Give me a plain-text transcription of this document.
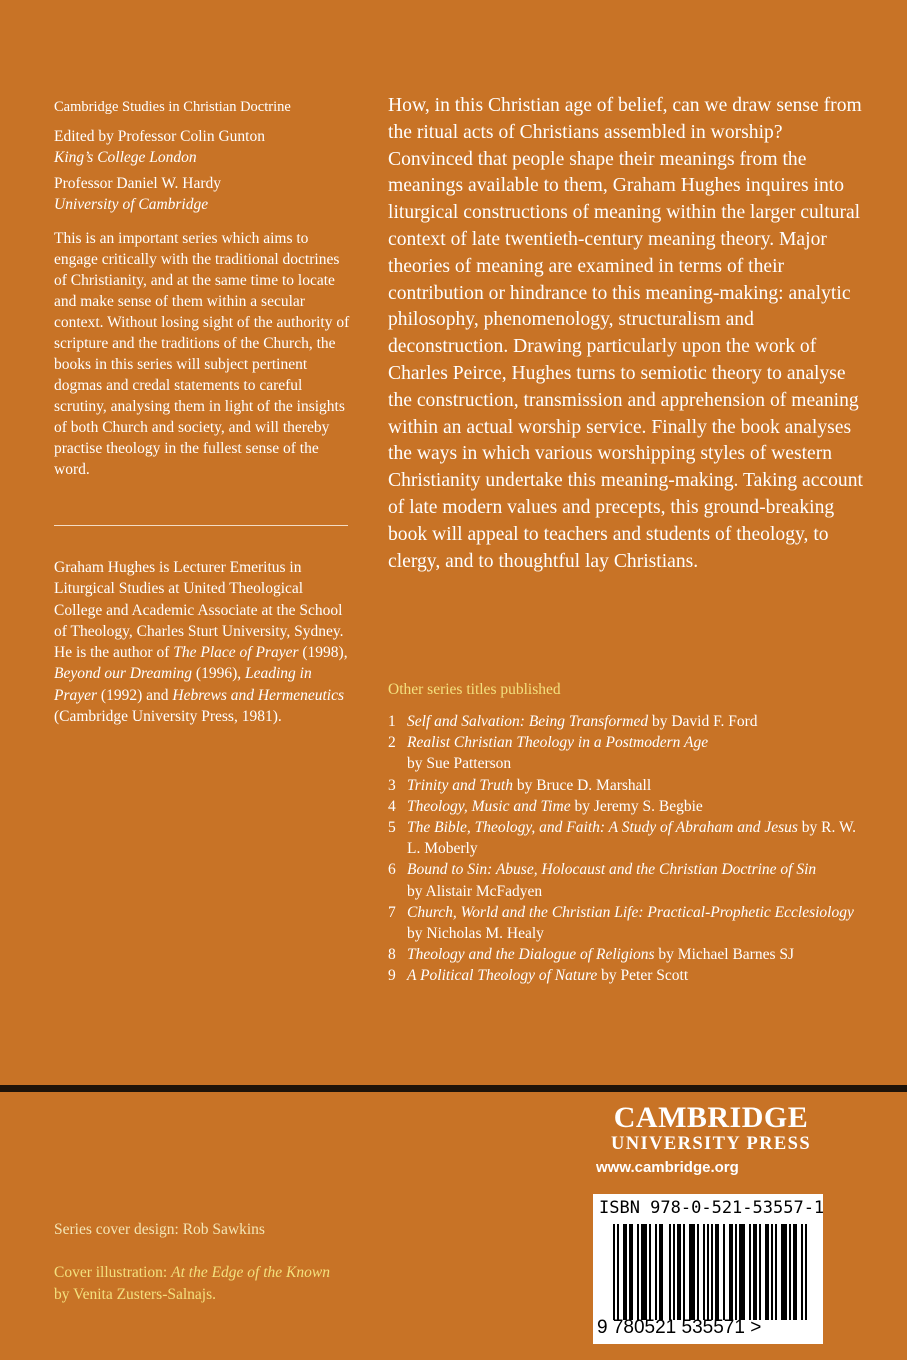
Cambridge Studies in Christian Doctrine
Edited by Professor Colin Gunton
King’s College London
Professor Daniel W. Hardy
University of Cambridge
This is an important series which aims to engage critically with the traditional doctrines of Christianity, and at the same time to locate and make sense of them within a secular context. Without losing sight of the authority of scripture and the traditions of the Church, the books in this series will subject pertinent dogmas and credal statements to careful scrutiny, analysing them in light of the insights of both Church and society, and will thereby practise theology in the fullest sense of the word.
Graham Hughes is Lecturer Emeritus in Liturgical Studies at United Theological College and Academic Associate at the School of Theology, Charles Sturt University, Sydney. He is the author of The Place of Prayer (1998), Beyond our Dreaming (1996), Leading in Prayer (1992) and Hebrews and Hermeneutics (Cambridge University Press, 1981).
How, in this Christian age of belief, can we draw sense from the ritual acts of Christians assembled in worship? Convinced that people shape their meanings from the meanings available to them, Graham Hughes inquires into liturgical constructions of meaning within the larger cultural context of late twentieth-century meaning theory. Major theories of meaning are examined in terms of their contribution or hindrance to this meaning-making: analytic philosophy, phenomenology, structuralism and deconstruction. Drawing particularly upon the work of Charles Peirce, Hughes turns to semiotic theory to analyse the construction, transmission and apprehension of meaning within an actual worship service. Finally the book analyses the ways in which various worshipping styles of western Christianity undertake this meaning-making. Taking account of late modern values and precepts, this ground-breaking book will appeal to teachers and students of theology, to clergy, and to thoughtful lay Christians.
Other series titles published
1 Self and Salvation: Being Transformed by David F. Ford
2 Realist Christian Theology in a Postmodern Age
by Sue Patterson
3 Trinity and Truth by Bruce D. Marshall
4 Theology, Music and Time by Jeremy S. Begbie
5 The Bible, Theology, and Faith: A Study of Abraham and Jesus by R. W. L. Moberly
6 Bound to Sin: Abuse, Holocaust and the Christian Doctrine of Sin
by Alistair McFadyen
7 Church, World and the Christian Life: Practical-Prophetic Ecclesiology by Nicholas M. Healy
8 Theology and the Dialogue of Religions by Michael Barnes SJ
9 A Political Theology of Nature by Peter Scott
CAMBRIDGE
UNIVERSITY PRESS
www.cambridge.org
ISBN 978-0-521-53557-1
9 780521 535571 >
Series cover design: Rob Sawkins
Cover illustration: At the Edge of the Known by Venita Zusters-Salnajs.
